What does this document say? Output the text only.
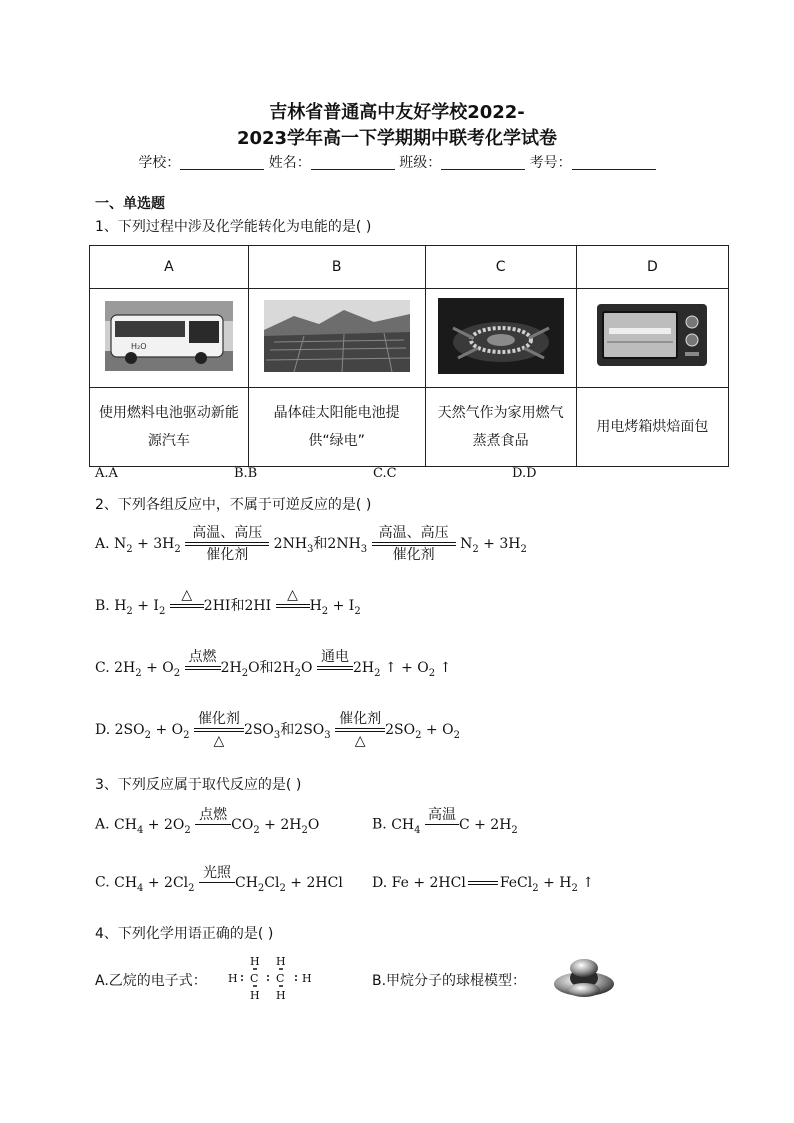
吉林省普通高中友好学校2022-
2023学年高一下学期期中联考化学试卷
学校：	姓名：	班级：	考号：
一、单选题
1、下列过程中涉及化学能转化为电能的是( )
A	B	C	D

H₂O

使用燃料电池驱动新能源汽车	晶体硅太阳能电池提供“绿电”	天然气作为家用燃气蒸煮食品	用电烤箱烘焙面包
A.A	B.B	C.C	D.D
2、下列各组反应中，不属于可逆反应的是( )
A. $N_2 + 3H_2$
高温、高压
催化剂
$2NH_3$和$2NH_3$
高温、高压
催化剂
$N_2 + 3H_2$
B. $H_2 + I_2$
△

2HI和2HI
△

$H_2 + I_2$
C. $2H_2 + O_2$
点燃

$2H_2O$和$2H_2O$
通电

$2H_2$ ↑ + $O_2$ ↑
D. $2SO_2 + O_2$
催化剂
△
$2SO_3$和$2SO_3$
催化剂
△
$2SO_2 + O_2$
3、下列反应属于取代反应的是( )
A. $CH_4 + 2O_2$
点燃

$CO_2 + 2H_2O$	B. $CH_4$
高温

$C + 2H_2$
C. $CH_4 + 2Cl_2$
光照

$CH_2Cl_2 + 2HCl$ D. Fe + 2HCl FeCl$_2$ + $H_2$ ↑
4、下列化学用语正确的是( )
A.乙烷的电子式：
H H
H C C H
H H
B.甲烷分子的球棍模型：
